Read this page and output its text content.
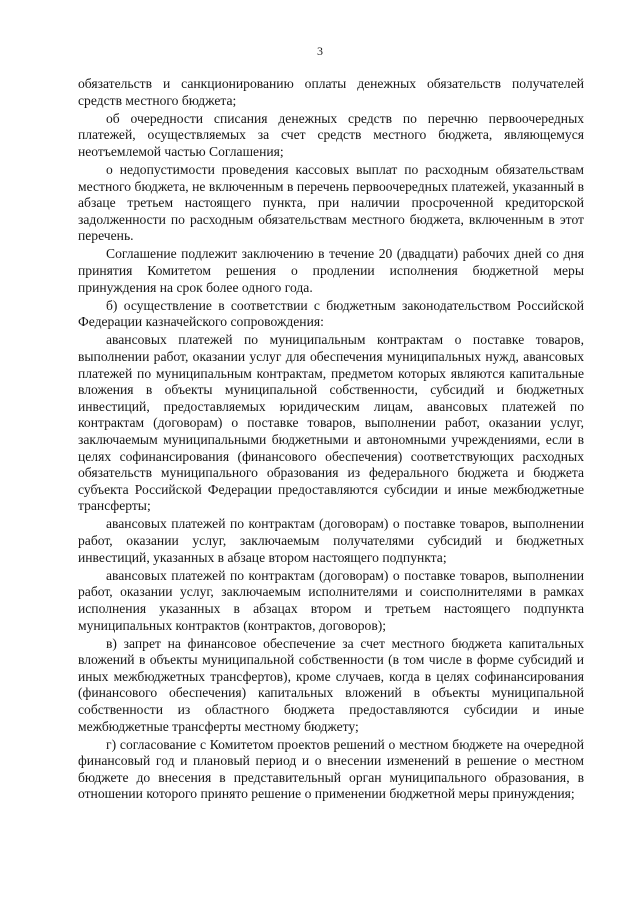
3

обязательств и санкционированию оплаты денежных обязательств получателей средств местного бюджета;

об очередности списания денежных средств по перечню первоочередных платежей, осуществляемых за счет средств местного бюджета, являющемуся неотъемлемой частью Соглашения;

о недопустимости проведения кассовых выплат по расходным обязательствам местного бюджета, не включенным в перечень первоочередных платежей, указанный в абзаце третьем настоящего пункта, при наличии просроченной кредиторской задолженности по расходным обязательствам местного бюджета, включенным в этот перечень.

Соглашение подлежит заключению в течение 20 (двадцати) рабочих дней со дня принятия Комитетом решения о продлении исполнения бюджетной меры принуждения на срок более одного года.

б) осуществление в соответствии с бюджетным законодательством Российской Федерации казначейского сопровождения:

авансовых платежей по муниципальным контрактам о поставке товаров, выполнении работ, оказании услуг для обеспечения муниципальных нужд, авансовых платежей по муниципальным контрактам, предметом которых являются капитальные вложения в объекты муниципальной собственности, субсидий и бюджетных инвестиций, предоставляемых юридическим лицам, авансовых платежей по контрактам (договорам) о поставке товаров, выполнении работ, оказании услуг, заключаемым муниципальными бюджетными и автономными учреждениями, если в целях софинансирования (финансового обеспечения) соответствующих расходных обязательств муниципального образования из федерального бюджета и бюджета субъекта Российской Федерации предоставляются субсидии и иные межбюджетные трансферты;

авансовых платежей по контрактам (договорам) о поставке товаров, выполнении работ, оказании услуг, заключаемым получателями субсидий и бюджетных инвестиций, указанных в абзаце втором настоящего подпункта;

авансовых платежей по контрактам (договорам) о поставке товаров, выполнении работ, оказании услуг, заключаемым исполнителями и соисполнителями в рамках исполнения указанных в абзацах втором и третьем настоящего подпункта муниципальных контрактов (контрактов, договоров);

в) запрет на финансовое обеспечение за счет местного бюджета капитальных вложений в объекты муниципальной собственности (в том числе в форме субсидий и иных межбюджетных трансфертов), кроме случаев, когда в целях софинансирования (финансового обеспечения) капитальных вложений в объекты муниципальной собственности из областного бюджета предоставляются субсидии и иные межбюджетные трансферты местному бюджету;

г) согласование с Комитетом проектов решений о местном бюджете на очередной финансовый год и плановый период и о внесении изменений в решение о местном бюджете до внесения в представительный орган муниципального образования, в отношении которого принято решение о применении бюджетной меры принуждения;
